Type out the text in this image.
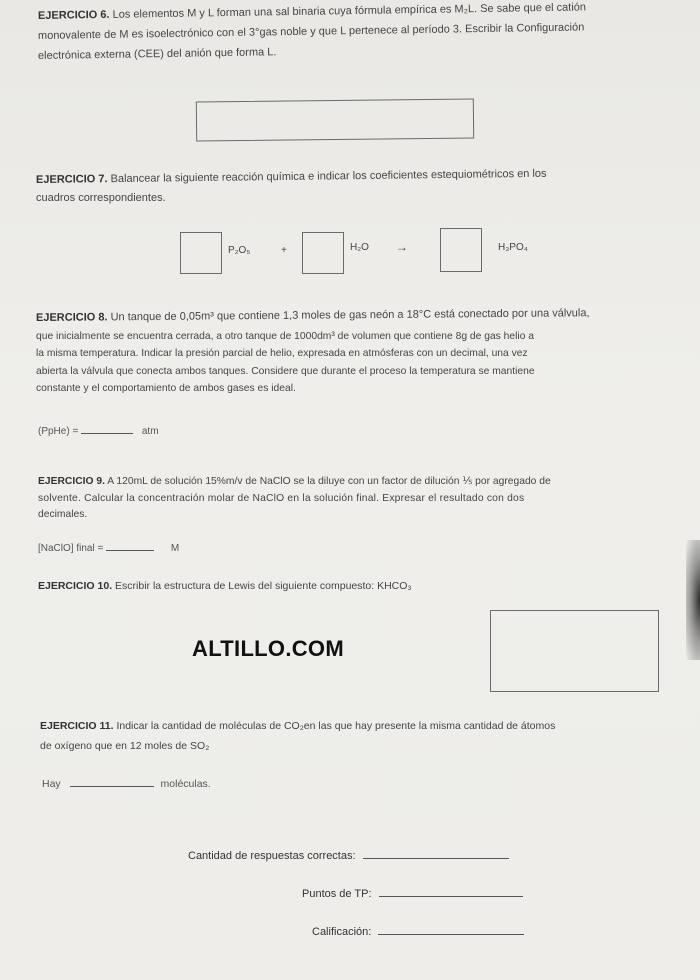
EJERCICIO 6. Los elementos M y L forman una sal binaria cuya fórmula empírica es M₂L. Se sabe que el catión
monovalente de M es isoelectrónico con el 3°gas noble y que L pertenece al período 3. Escribir la Configuración
electrónica externa (CEE) del anión que forma L.
EJERCICIO 7. Balancear la siguiente reacción química e indicar los coeficientes estequiométricos en los
cuadros correspondientes.
P₂O₅	+	H₂O →	H₃PO₄
EJERCICIO 8. Un tanque de 0,05m³ que contiene 1,3 moles de gas neón a 18°C está conectado por una válvula,
que inicialmente se encuentra cerrada, a otro tanque de 1000dm³ de volumen que contiene 8g de gas helio a
la misma temperatura. Indicar la presión parcial de helio, expresada en atmósferas con un decimal, una vez
abierta la válvula que conecta ambos tanques. Considere que durante el proceso la temperatura se mantiene
constante y el comportamiento de ambos gases es ideal.
(PpHe) =	atm
EJERCICIO 9. A 120mL de solución 15%m/v de NaClO se la diluye con un factor de dilución ⅕ por agregado de
solvente. Calcular la concentración molar de NaClO en la solución final. Expresar el resultado con dos
decimales.
[NaClO] final =	M
EJERCICIO 10. Escribir la estructura de Lewis del siguiente compuesto: KHCO₃
ALTILLO.COM
EJERCICIO 11. Indicar la cantidad de moléculas de CO₂en las que hay presente la misma cantidad de átomos
de oxígeno que en 12 moles de SO₂
Hay	moléculas.
Cantidad de respuestas correctas:
Puntos de TP:
Calificación:
